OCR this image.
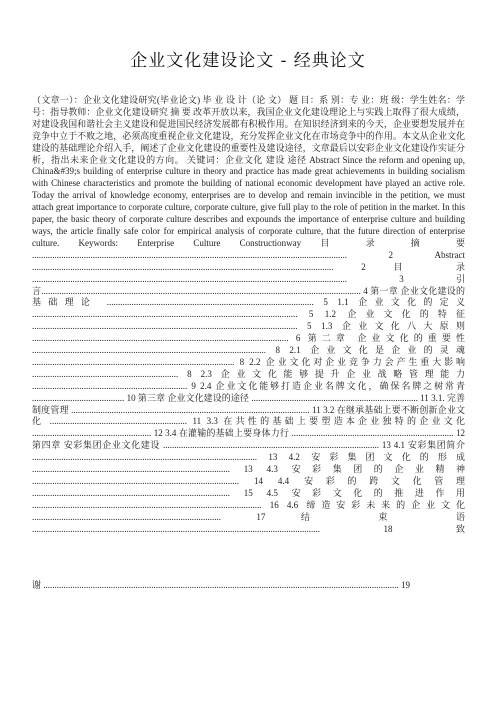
企业文化建设论文 - 经典论文

（文章一）：企业文化建设研究(毕业论文) 毕 业 设 计（论 文） 题 目：系 别：专 业：班 级：学生姓名：学 号：指导教师：企业文化建设研究 摘 要 改革开放以来，我国企业文化建设理论上与实践上取得了很大成绩，对建设我国和谐社会主义建设和促进国民经济发展都有积极作用。在知识经济到来的今天，企业要想发展并在竞争中立于不败之地，必须高度重视企业文化建设，充分发挥企业文化在市场竞争中的作用。本文从企业文化建设的基础理论介绍入手，阐述了企业文化建设的重要性及建设途径，文章最后以安彩企业文化建设作实证分析，指出未来企业文化建设的方向。 关键词：企业文化 建设 途径 Abstract Since the reform and opening up, China&#39;s building of enterprise culture in theory and practice has made great achievements in building socialism with Chinese characteristics and promote the building of national economic development have played an active role. Today the arrival of knowledge economy, enterprises are to develop and remain invincible in the petition, we must attach great importance to corporate culture, corporate culture, give full play to the role of petition in the market. In this paper, the basic theory of corporate culture describes and expounds the importance of enterprise culture and building ways, the article finally safe color for empirical analysis of corporate culture, that the future direction of enterprise culture. Keywords: Enterprise Culture Constructionway 目 录 摘 要 ............................................................................................................................................ 2 Abstract ...................................................................................................................................... 2 目 录 ............................................................................................................................................ 3 引 言.............................................................................................................................................. 4 第一章 企业文化建设的基础理论 ............................................................................................ 5 1.1 企业文化的定义 ...................................................................................................................... 5 1.2 企业文化的特征 ...................................................................................................................... 5 1.3 企业文化八大原则 .................................................................................................................. 6 第二章 企业文化的重要性 ........................................................................................................ 8 2.1 企业文化是企业的灵魂 .......................................................................................... 8 2.2 企业文化对企业竞争力会产生重大影响 ................................................................. 8 2.3 企业文化能够提升企业战略管理能力 ..................................................................... 9 2.4 企业文化能够打造企业名牌文化，确保名牌之树常青 ......................................... 10 第三章 企业文化建设的途径 .......................................................................... 11 3.1. 完善制度管理 .......................................................................................................... 11 3.2 在继承基础上要不断创新企业文化 ............................................................. 11 3.3 在共性的基础上要塑造本企业独特的企业文化 ..................................................... 12 3.4 在灌输的基础上要身体力行 ........................................................................ 12 第四章 安彩集团企业文化建设 ................................................................................................ 13 4.1 安彩集团简介 .................................................................................................... 13 4.2 安彩集团文化的形成 ........................................................................................ 13 4.3 安彩集团的企业精神 ............................................................................................ 14 4.4 安彩的跨文化管理 ........................................................................................ 15 4.5 安彩文化的推进作用 ...................................................................................................... 16 4.6 缔造安彩未来的企业文化 .................................................................................... 17 结 束 语 ................................................................................................................................ 18 致

谢 .............................................................................................................................................................. 19
